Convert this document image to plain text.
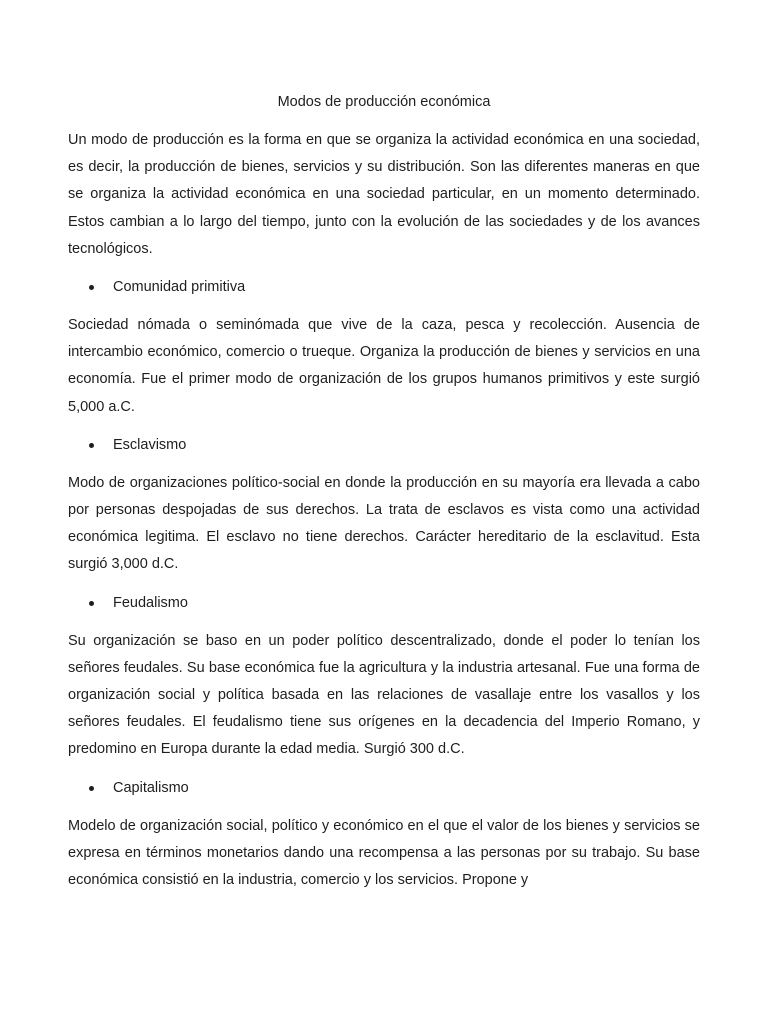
Modos de producción económica

Un modo de producción es la forma en que se organiza la actividad económica en una sociedad, es decir, la producción de bienes, servicios y su distribución. Son las diferentes maneras en que se organiza la actividad económica en una sociedad particular, en un momento determinado. Estos cambian a lo largo del tiempo, junto con la evolución de las sociedades y de los avances tecnológicos.

Comunidad primitiva

Sociedad nómada o seminómada que vive de la caza, pesca y recolección. Ausencia de intercambio económico, comercio o trueque. Organiza la producción de bienes y servicios en una economía. Fue el primer modo de organización de los grupos humanos primitivos y este surgió 5,000 a.C.

Esclavismo

Modo de organizaciones político-social en donde la producción en su mayoría era llevada a cabo por personas despojadas de sus derechos. La trata de esclavos es vista como una actividad económica legitima. El esclavo no tiene derechos. Carácter hereditario de la esclavitud. Esta surgió 3,000 d.C.

Feudalismo

Su organización se baso en un poder político descentralizado, donde el poder lo tenían los señores feudales. Su base económica fue la agricultura y la industria artesanal. Fue una forma de organización social y política basada en las relaciones de vasallaje entre los vasallos y los señores feudales. El feudalismo tiene sus orígenes en la decadencia del Imperio Romano, y predomino en Europa durante la edad media. Surgió 300 d.C.

Capitalismo

Modelo de organización social, político y económico en el que el valor de los bienes y servicios se expresa en términos monetarios dando una recompensa a las personas por su trabajo. Su base económica consistió en la industria, comercio y los servicios. Propone y
